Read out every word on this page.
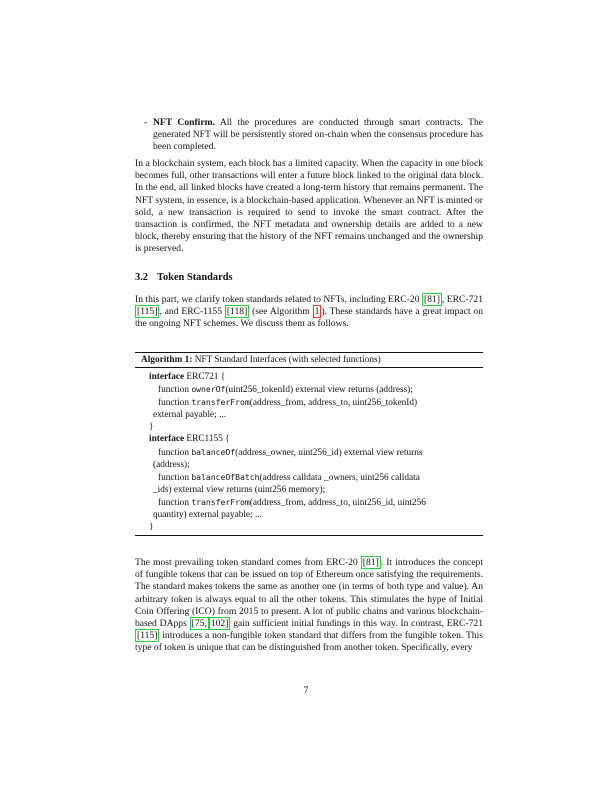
- NFT Confirm. All the procedures are conducted through smart contracts. The generated NFT will be persistently stored on-chain when the consensus procedure has been completed.
In a blockchain system, each block has a limited capacity. When the capacity in one block becomes full, other transactions will enter a future block linked to the original data block. In the end, all linked blocks have created a long-term history that remains permanent. The NFT system, in essence, is a blockchain-based application. Whenever an NFT is minted or sold, a new transaction is required to send to invoke the smart contract. After the transaction is confirmed, the NFT metadata and ownership details are added to a new block, thereby ensuring that the history of the NFT remains unchanged and the ownership is preserved.
3.2 Token Standards
In this part, we clarify token standards related to NFTs, including ERC-20 [81] , ERC-721 [115] , and ERC-1155 [118] (see Algorithm 1 ). These standards have a great impact on the ongoing NFT schemes. We discuss them as follows.
Algorithm 1: NFT Standard Interfaces (with selected functions)
interface ERC721 {
function ownerOf(uint256_tokenId) external view returns (address);
function transferFrom(address_from, address_to, uint256_tokenId)
external payable; ...
}
interface ERC1155 {
function balanceOf(address_owner, uint256_id) external view returns
(address);
function balanceOfBatch(address calldata _owners, uint256 calldata
_ids) external view returns (uint256 memory);
function transferFrom(address_from, address_to, uint256_id, uint256
quantity) external payable; ...
}
The most prevailing token standard comes from ERC-20 [81] . It introduces the concept of fungible tokens that can be issued on top of Ethereum once satisfying the requirements. The standard makes tokens the same as another one (in terms of both type and value). An arbitrary token is always equal to all the other tokens. This stimulates the hype of Initial Coin Offering (ICO) from 2015 to present. A lot of public chains and various blockchain-based DApps [75, 102] gain sufficient initial fundings in this way. In contrast, ERC-721 [115] introduces a non-fungible token standard that differs from the fungible token. This type of token is unique that can be distinguished from another token. Specifically, every
7
